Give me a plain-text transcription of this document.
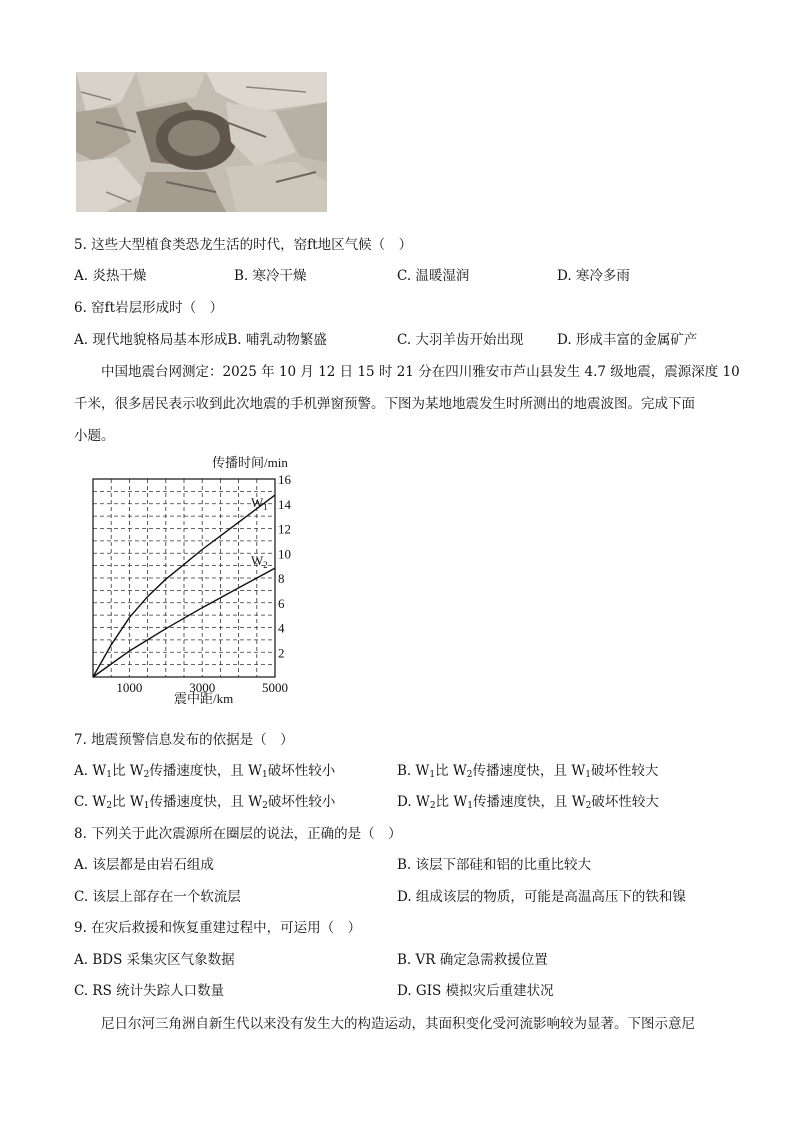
5. 这些大型植食类恐龙生活的时代，窑ft地区气候（　）
A. 炎热干燥	B. 寒冷干燥	C. 温暖湿润	D. 寒冷多雨
6. 窑ft岩层形成时（　）
A. 现代地貌格局基本形成B. 哺乳动物繁盛	C. 大羽羊齿开始出现 D. 形成丰富的金属矿产
中国地震台网测定：2025 年 10 月 12 日 15 时 21 分在四川雅安市芦山县发生 4.7 级地震，震源深度 10
千米，很多居民表示收到此次地震的手机弹窗预警。下图为某地地震发生时所测出的地震波图。完成下面
小题。
传播时间/min
震中距/km
2
4
6
8
10
12
14
16
1000	3000	5000
$W_1$
$W_2$
7. 地震预警信息发布的依据是（　）
A. $W_1$比 $W_2$传播速度快，且 $W_1$破坏性较小	B. $W_1$比 $W_2$传播速度快，且 $W_1$破坏性较大
C. $W_2$比 $W_1$传播速度快，且 $W_2$破坏性较小	D. $W_2$比 $W_1$传播速度快，且 $W_2$破坏性较大
8. 下列关于此次震源所在圈层的说法，正确的是（　）
A. 该层都是由岩石组成	B. 该层下部硅和铝的比重比较大
C. 该层上部存在一个软流层	D. 组成该层的物质，可能是高温高压下的铁和镍
9. 在灾后救援和恢复重建过程中，可运用（　）
A. BDS 采集灾区气象数据	B. VR 确定急需救援位置
C. RS 统计失踪人口数量	D. GIS 模拟灾后重建状况
尼日尔河三角洲自新生代以来没有发生大的构造运动，其面积变化受河流影响较为显著。下图示意尼
